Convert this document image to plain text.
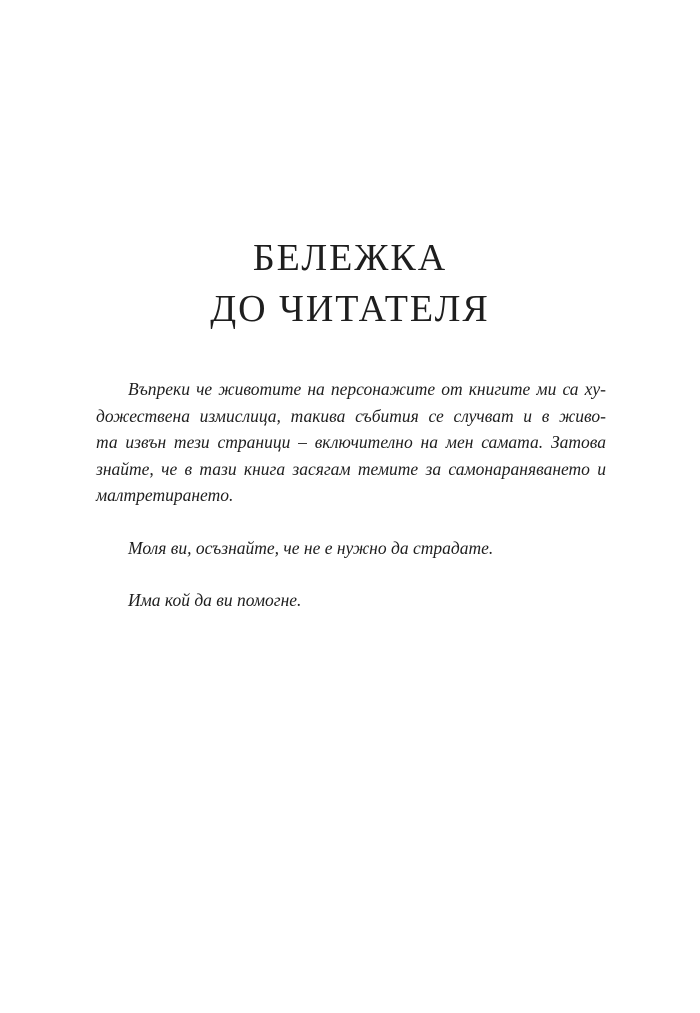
БЕЛЕЖКА
ДО ЧИТАТЕЛЯ
Въпреки че животите на персонажите от книгите ми са ху-
дожествена измислица, такива събития се случват и в живо-
та извън тези страници – включително на мен самата. Затова
знайте, че в тази книга засягам темите за самонараняването и
малтретирането.

Моля ви, осъзнайте, че не е нужно да страдате.

Има кой да ви помогне.
